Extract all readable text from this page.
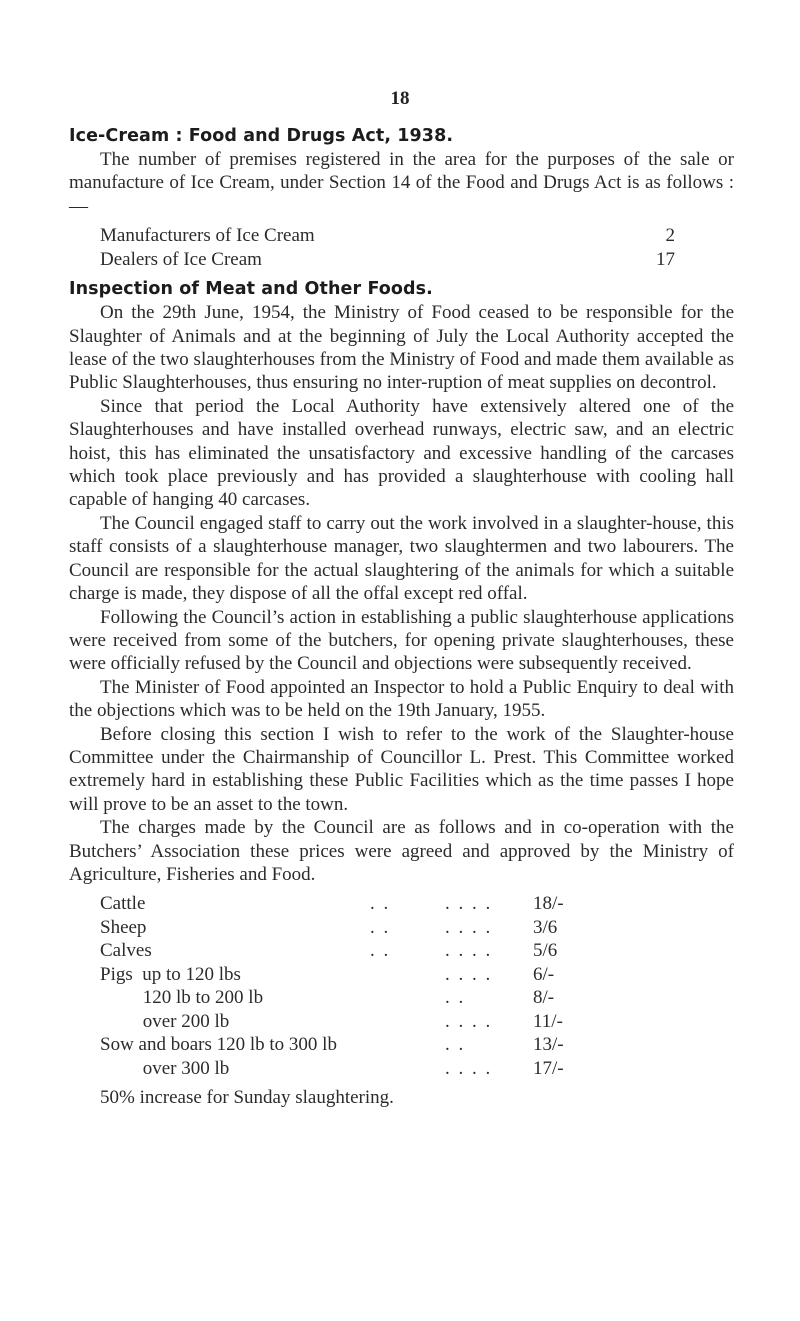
18
Ice-Cream : Food and Drugs Act, 1938.

The number of premises registered in the area for the purposes of the sale or manufacture of Ice Cream, under Section 14 of the Food and Drugs Act is as follows :—

Manufacturers of Ice Cream	2
Dealers of Ice Cream	17
Inspection of Meat and Other Foods.

On the 29th June, 1954, the Ministry of Food ceased to be responsible for the Slaughter of Animals and at the beginning of July the Local Authority accepted the lease of the two slaughterhouses from the Ministry of Food and made them available as Public Slaughterhouses, thus ensuring no inter-ruption of meat supplies on decontrol.

Since that period the Local Authority have extensively altered one of the Slaughterhouses and have installed overhead runways, electric saw, and an electric hoist, this has eliminated the unsatisfactory and excessive handling of the carcases which took place previously and has provided a slaughterhouse with cooling hall capable of hanging 40 carcases.

The Council engaged staff to carry out the work involved in a slaughter-house, this staff consists of a slaughterhouse manager, two slaughtermen and two labourers. The Council are responsible for the actual slaughtering of the animals for which a suitable charge is made, they dispose of all the offal except red offal.

Following the Council’s action in establishing a public slaughterhouse applications were received from some of the butchers, for opening private slaughterhouses, these were officially refused by the Council and objections were subsequently received.

The Minister of Food appointed an Inspector to hold a Public Enquiry to deal with the objections which was to be held on the 19th January, 1955.

Before closing this section I wish to refer to the work of the Slaughter-house Committee under the Chairmanship of Councillor L. Prest. This Committee worked extremely hard in establishing these Public Facilities which as the time passes I hope will prove to be an asset to the town.

The charges made by the Council are as follows and in co-operation with the Butchers’ Association these prices were agreed and approved by the Ministry of Agriculture, Fisheries and Food.

Cattle	. .	. . . .	18/-
Sheep	. .	. . . .	3/6
Calves	. .	. . . .	5/6
Pigs  up to 120 lbs	. . . .	6/-
120 lb to 200 lb	. .	8/-
over 200 lb	. . . .	11/-
Sow and boars 120 lb to 300 lb	. .	13/-
over 300 lb	. . . .	17/-
50% increase for Sunday slaughtering.
